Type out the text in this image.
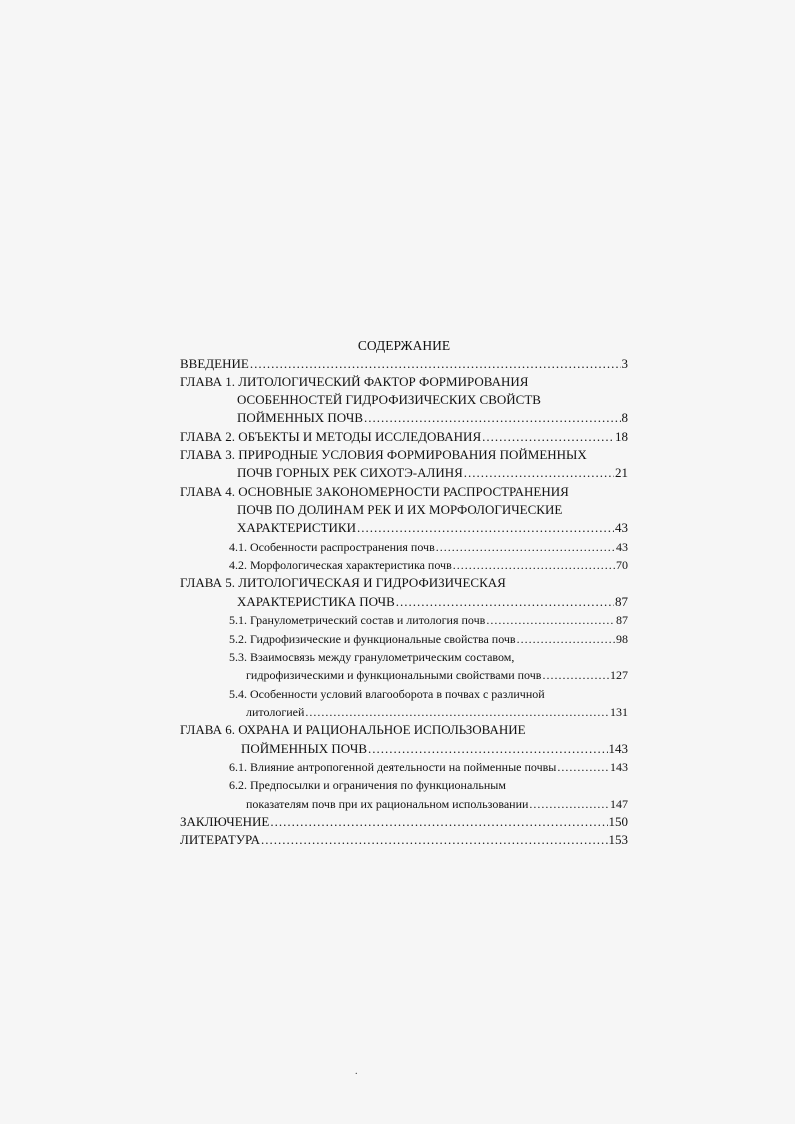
СОДЕРЖАНИЕ
ВВЕДЕНИЕ .....	3
ГЛАВА 1. ЛИТОЛОГИЧЕСКИЙ ФАКТОР ФОРМИРОВАНИЯ
ОСОБЕННОСТЕЙ ГИДРОФИЗИЧЕСКИХ СВОЙСТВ
ПОЙМЕННЫХ ПОЧВ .....	8
ГЛАВА 2. ОБЪЕКТЫ И МЕТОДЫ ИССЛЕДОВАНИЯ .....	18
ГЛАВА 3. ПРИРОДНЫЕ УСЛОВИЯ ФОРМИРОВАНИЯ ПОЙМЕННЫХ
ПОЧВ ГОРНЫХ РЕК СИХОТЭ-АЛИНЯ .....	21
ГЛАВА 4. ОСНОВНЫЕ ЗАКОНОМЕРНОСТИ РАСПРОСТРАНЕНИЯ
ПОЧВ ПО ДОЛИНАМ РЕК И ИХ МОРФОЛОГИЧЕСКИЕ
ХАРАКТЕРИСТИКИ .....	43
4.1. Особенности распространения почв .....	43
4.2. Морфологическая характеристика почв .....	70
ГЛАВА 5. ЛИТОЛОГИЧЕСКАЯ И ГИДРОФИЗИЧЕСКАЯ
ХАРАКТЕРИСТИКА ПОЧВ .....	87
5.1. Гранулометрический состав и литология почв .....	87
5.2. Гидрофизические и функциональные свойства почв .....	98
5.3. Взаимосвязь между гранулометрическим составом,
гидрофизическими и функциональными свойствами почв .....	127
5.4. Особенности условий влагооборота в почвах с различной
литологией .....	131
ГЛАВА 6. ОХРАНА И РАЦИОНАЛЬНОЕ ИСПОЛЬЗОВАНИЕ
ПОЙМЕННЫХ ПОЧВ .....	143
6.1. Влияние антропогенной деятельности на пойменные почвы .....	143
6.2. Предпосылки и ограничения по функциональным
показателям почв при их рациональном использовании .....	147
ЗАКЛЮЧЕНИЕ .....	150
ЛИТЕРАТУРА .....	153
.
